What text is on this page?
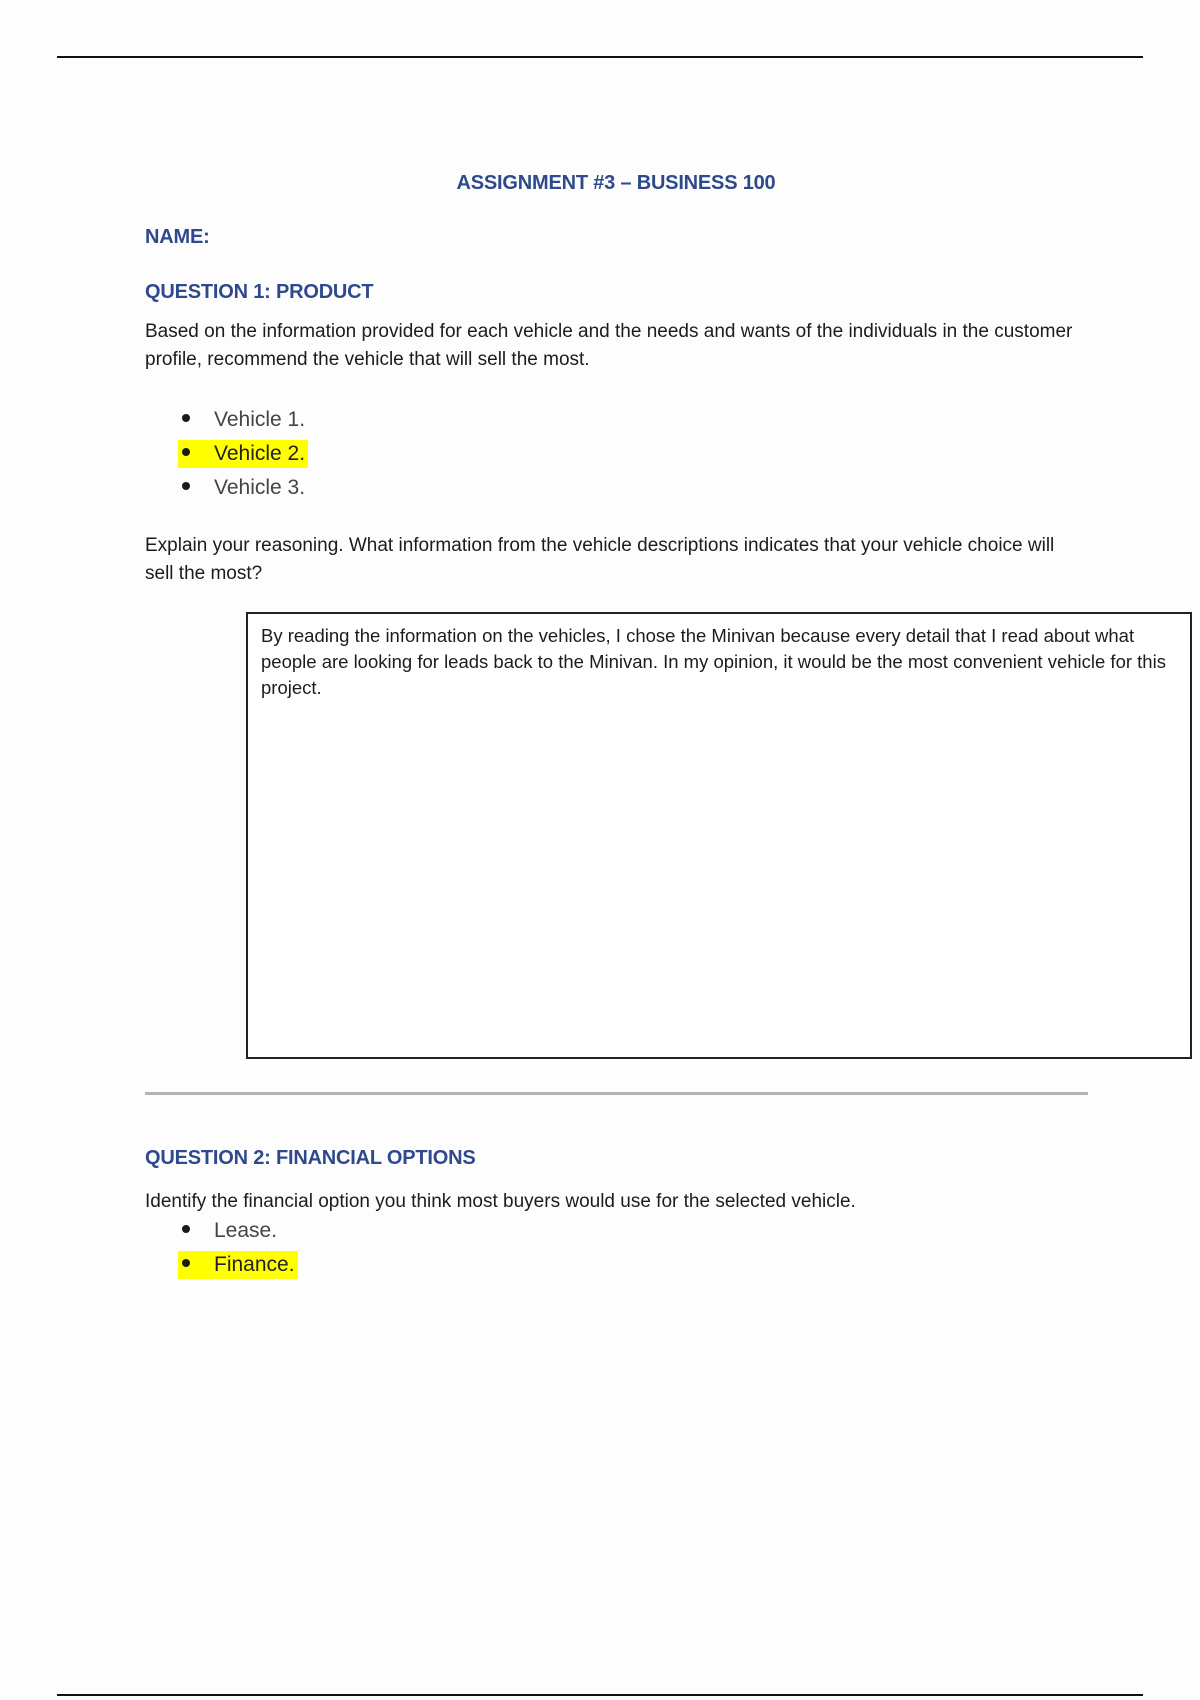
ASSIGNMENT #3 – BUSINESS 100
NAME:
QUESTION 1: PRODUCT
Based on the information provided for each vehicle and the needs and wants of the individuals in the customer profile, recommend the vehicle that will sell the most.
Vehicle 1.
Vehicle 2.
Vehicle 3.
Explain your reasoning. What information from the vehicle descriptions indicates that your vehicle choice will sell the most?
By reading the information on the vehicles, I chose the Minivan because every detail that I read about what people are looking for leads back to the Minivan. In my opinion, it would be the most convenient vehicle for this project.
QUESTION 2: FINANCIAL OPTIONS
Identify the financial option you think most buyers would use for the selected vehicle.
Lease.
Finance.
